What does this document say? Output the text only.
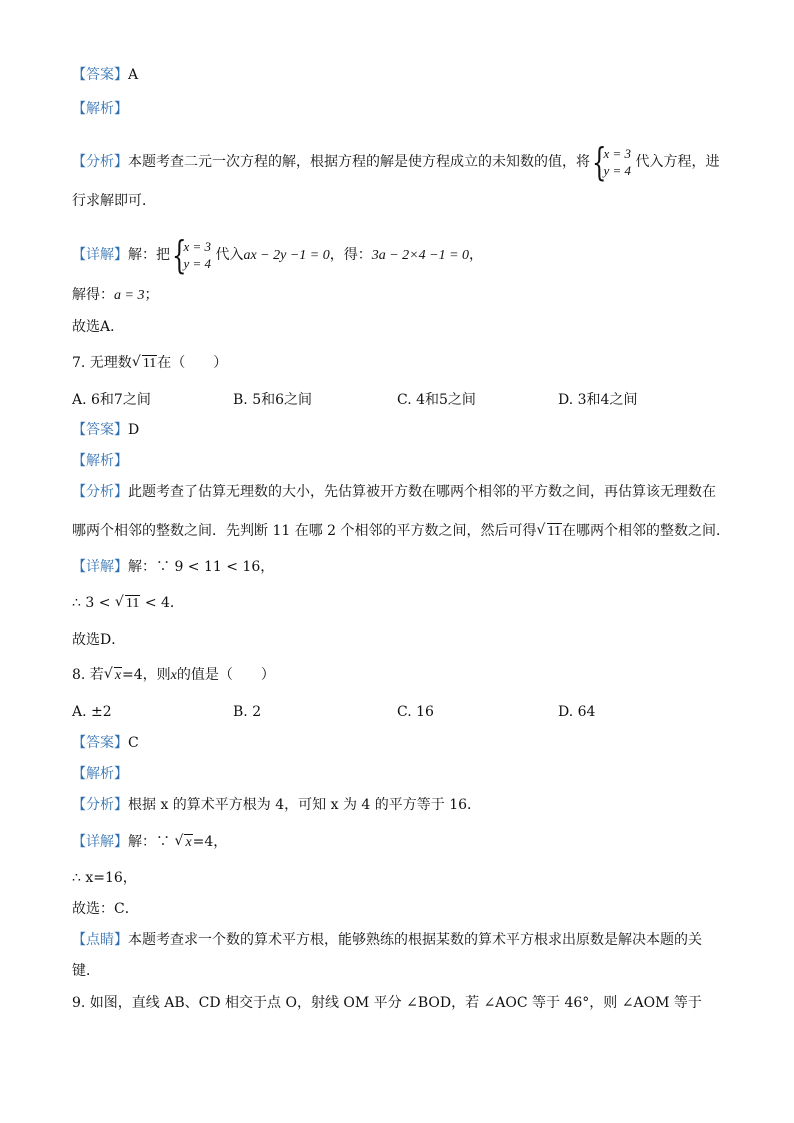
【答案】A
【解析】
【分析】本题考查二元一次方程的解，根据方程的解是使方程成立的未知数的值，将
{ x = 3
y = 4
代入方程，进
行求解即可．
【详解】解：把
{ x = 3
y = 4
代入ax − 2y −1 = 0，得：3a − 2×4 −1 = 0，
解得：a = 3；
故选A．
7. 无理数 √ 11在（　　）
A. 6和7之间	B. 5和6之间	C. 4和5之间	D. 3和4之间
【答案】D
【解析】
【分析】此题考查了估算无理数的大小，先估算被开方数在哪两个相邻的平方数之间，再估算该无理数在
哪两个相邻的整数之间．先判断 11 在哪 2 个相邻的平方数之间，然后可得 √ 11在哪两个相邻的整数之间．
【详解】解：∵ 9 < 11 < 16，
∴ 3 < √ 11 < 4．
故选D．
8. 若 √ x=4，则x的值是（　　）
A. ±2	B. 2	C. 16	D. 64
【答案】C
【解析】
【分析】根据 x 的算术平方根为 4，可知 x 为 4 的平方等于 16．
【详解】解：∵ √ x=4，
∴ x=16，
故选：C．
【点睛】本题考查求一个数的算术平方根，能够熟练的根据某数的算术平方根求出原数是解决本题的关
键．
9. 如图，直线 AB、CD 相交于点 O，射线 OM 平分 ∠BOD，若 ∠AOC 等于 46°，则 ∠AOM 等于
